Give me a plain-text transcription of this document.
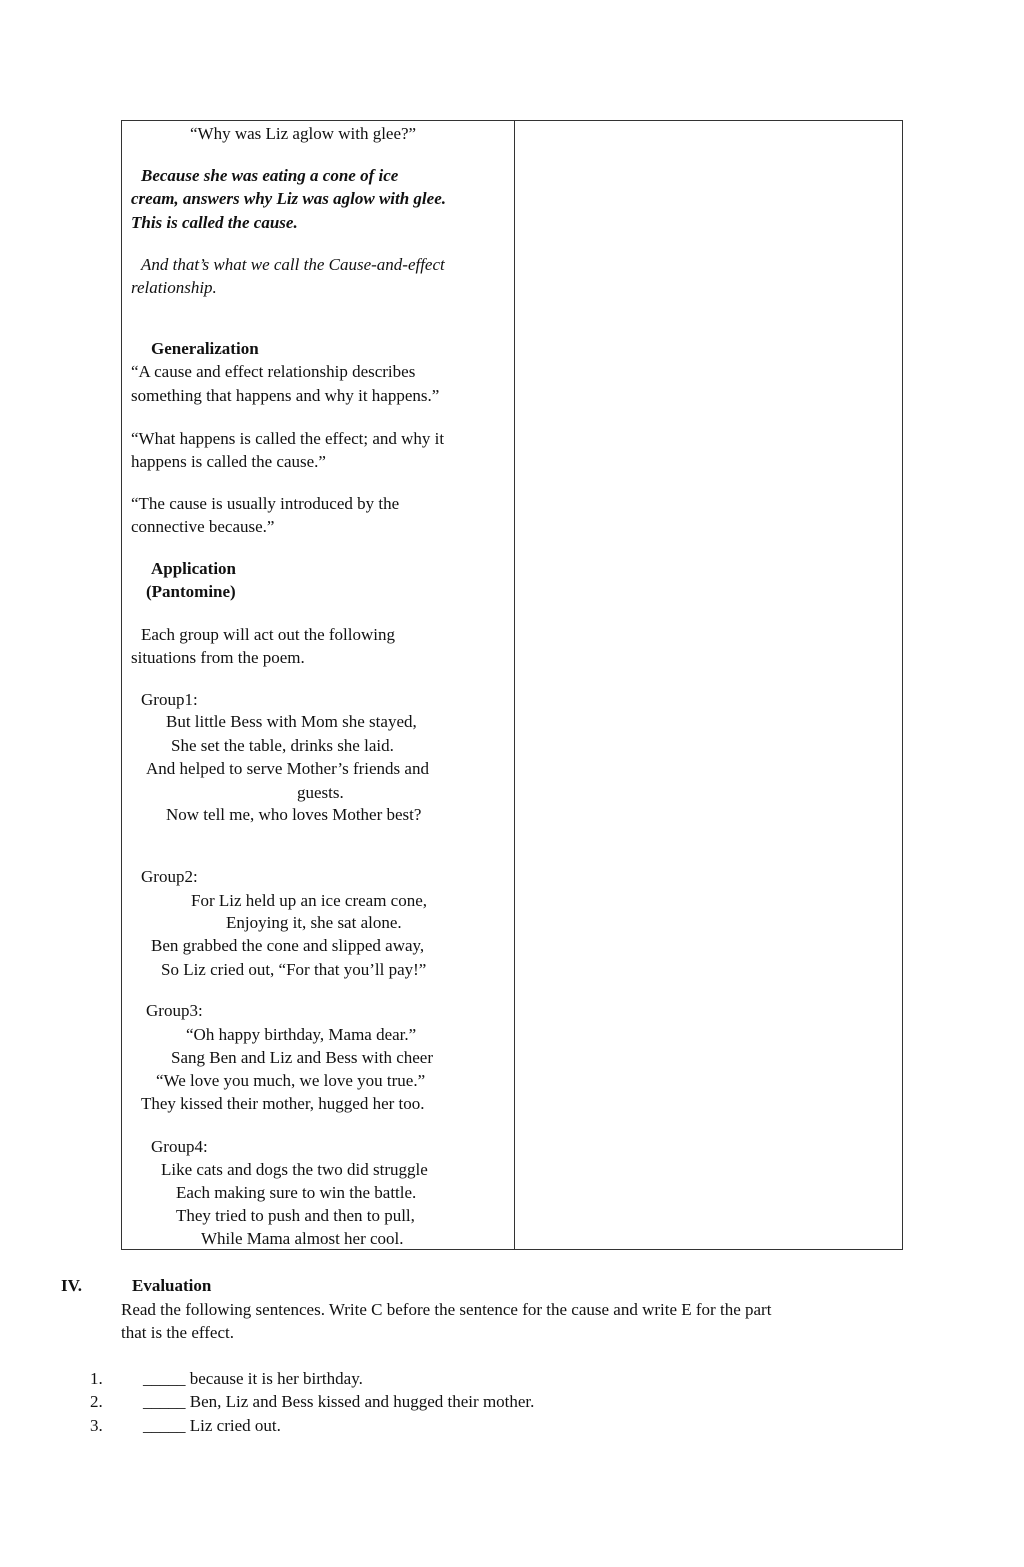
“Why was Liz aglow with glee?”
Because she was eating a cone of ice
cream, answers why Liz was aglow with glee.
This is called the cause.
And that’s what we call the Cause-and-effect
relationship.
Generalization
“A cause and effect relationship describes
something that happens and why it happens.”
“What happens is called the effect; and why it
happens is called the cause.”
“The cause is usually introduced by the
connective because.”
Application
(Pantomine)
Each group will act out the following
situations from the poem.
Group1:
But little Bess with Mom she stayed,
She set the table, drinks she laid.
And helped to serve Mother’s friends and
guests.
Now tell me, who loves Mother best?
Group2:
For Liz held up an ice cream cone,
Enjoying it, she sat alone.
Ben grabbed the cone and slipped away,
So Liz cried out, “For that you’ll pay!”
Group3:
“Oh happy birthday, Mama dear.”
Sang Ben and Liz and Bess with cheer
“We love you much, we love you true.”
They kissed their mother, hugged her too.
Group4:
Like cats and dogs the two did struggle
Each making sure to win the battle.
They tried to push and then to pull,
While Mama almost her cool.
IV.	Evaluation
Read the following sentences. Write C before the sentence for the cause and write E for the part
that is the effect.
1. _____ because it is her birthday.
2. _____ Ben, Liz and Bess kissed and hugged their mother.
3. _____ Liz cried out.
